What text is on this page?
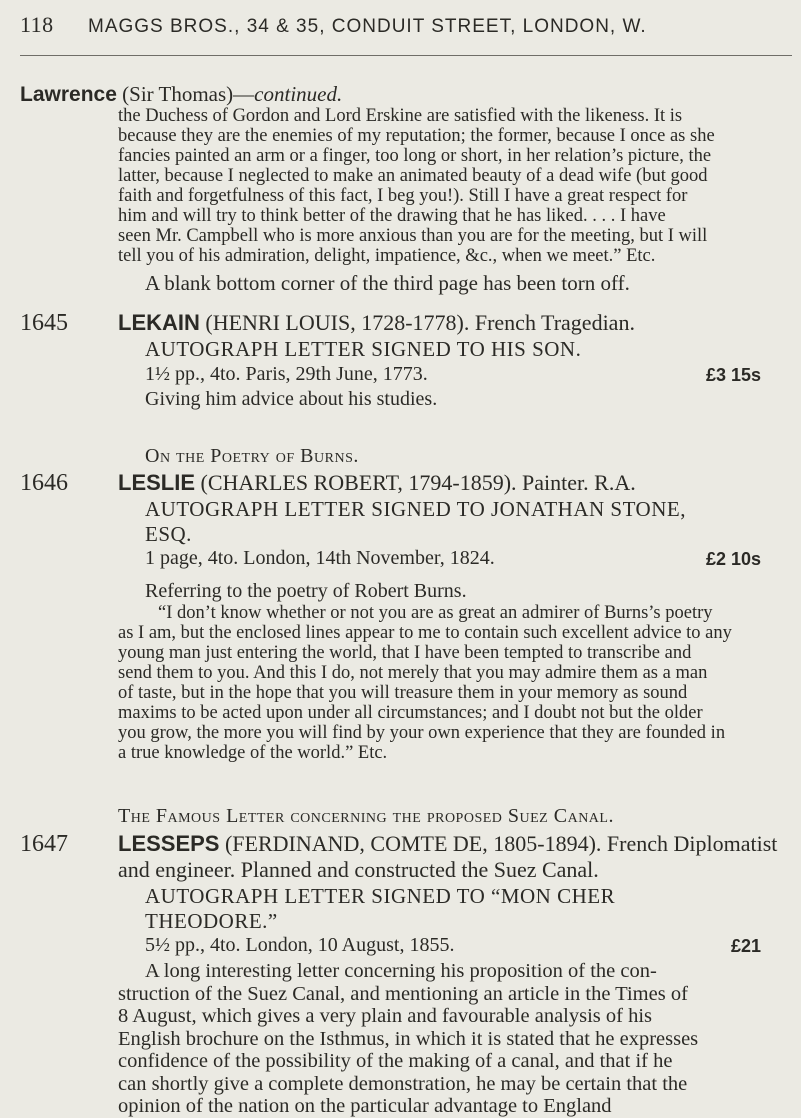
118 MAGGS BROS., 34 & 35, CONDUIT STREET, LONDON, W.
Lawrence (Sir Thomas)—continued.
the Duchess of Gordon and Lord Erskine are satisfied with the likeness. It is
because they are the enemies of my reputation; the former, because I once as she
fancies painted an arm or a finger, too long or short, in her relation’s picture, the
latter, because I neglected to make an animated beauty of a dead wife (but good
faith and forgetfulness of this fact, I beg you!). Still I have a great respect for
him and will try to think better of the drawing that he has liked. . . . I have
seen Mr. Campbell who is more anxious than you are for the meeting, but I will
tell you of his admiration, delight, impatience, &c., when we meet.” Etc.
A blank bottom corner of the third page has been torn off.
1645 LEKAIN (HENRI LOUIS, 1728-1778). French Tragedian.
AUTOGRAPH LETTER SIGNED TO HIS SON.
1½ pp., 4to. Paris, 29th June, 1773.	£3 15s
Giving him advice about his studies.
On the Poetry of Burns.
1646 LESLIE (CHARLES ROBERT, 1794-1859). Painter. R.A.
AUTOGRAPH LETTER SIGNED TO JONATHAN STONE,
ESQ.
1 page, 4to. London, 14th November, 1824.	£2 10s
Referring to the poetry of Robert Burns.
“I don’t know whether or not you are as great an admirer of Burns’s poetry
as I am, but the enclosed lines appear to me to contain such excellent advice to any
young man just entering the world, that I have been tempted to transcribe and
send them to you. And this I do, not merely that you may admire them as a man
of taste, but in the hope that you will treasure them in your memory as sound
maxims to be acted upon under all circumstances; and I doubt not but the older
you grow, the more you will find by your own experience that they are founded in
a true knowledge of the world.” Etc.
The Famous Letter concerning the proposed Suez Canal.
1647 LESSEPS (FERDINAND, COMTE DE, 1805-1894). French Diplomatist
and engineer. Planned and constructed the Suez Canal.
AUTOGRAPH LETTER SIGNED TO “MON CHER
THEODORE.”
5½ pp., 4to. London, 10 August, 1855.	£21
A long interesting letter concerning his proposition of the con-
struction of the Suez Canal, and mentioning an article in the Times of
8 August, which gives a very plain and favourable analysis of his
English brochure on the Isthmus, in which it is stated that he expresses
confidence of the possibility of the making of a canal, and that if he
can shortly give a complete demonstration, he may be certain that the
opinion of the nation on the particular advantage to England
